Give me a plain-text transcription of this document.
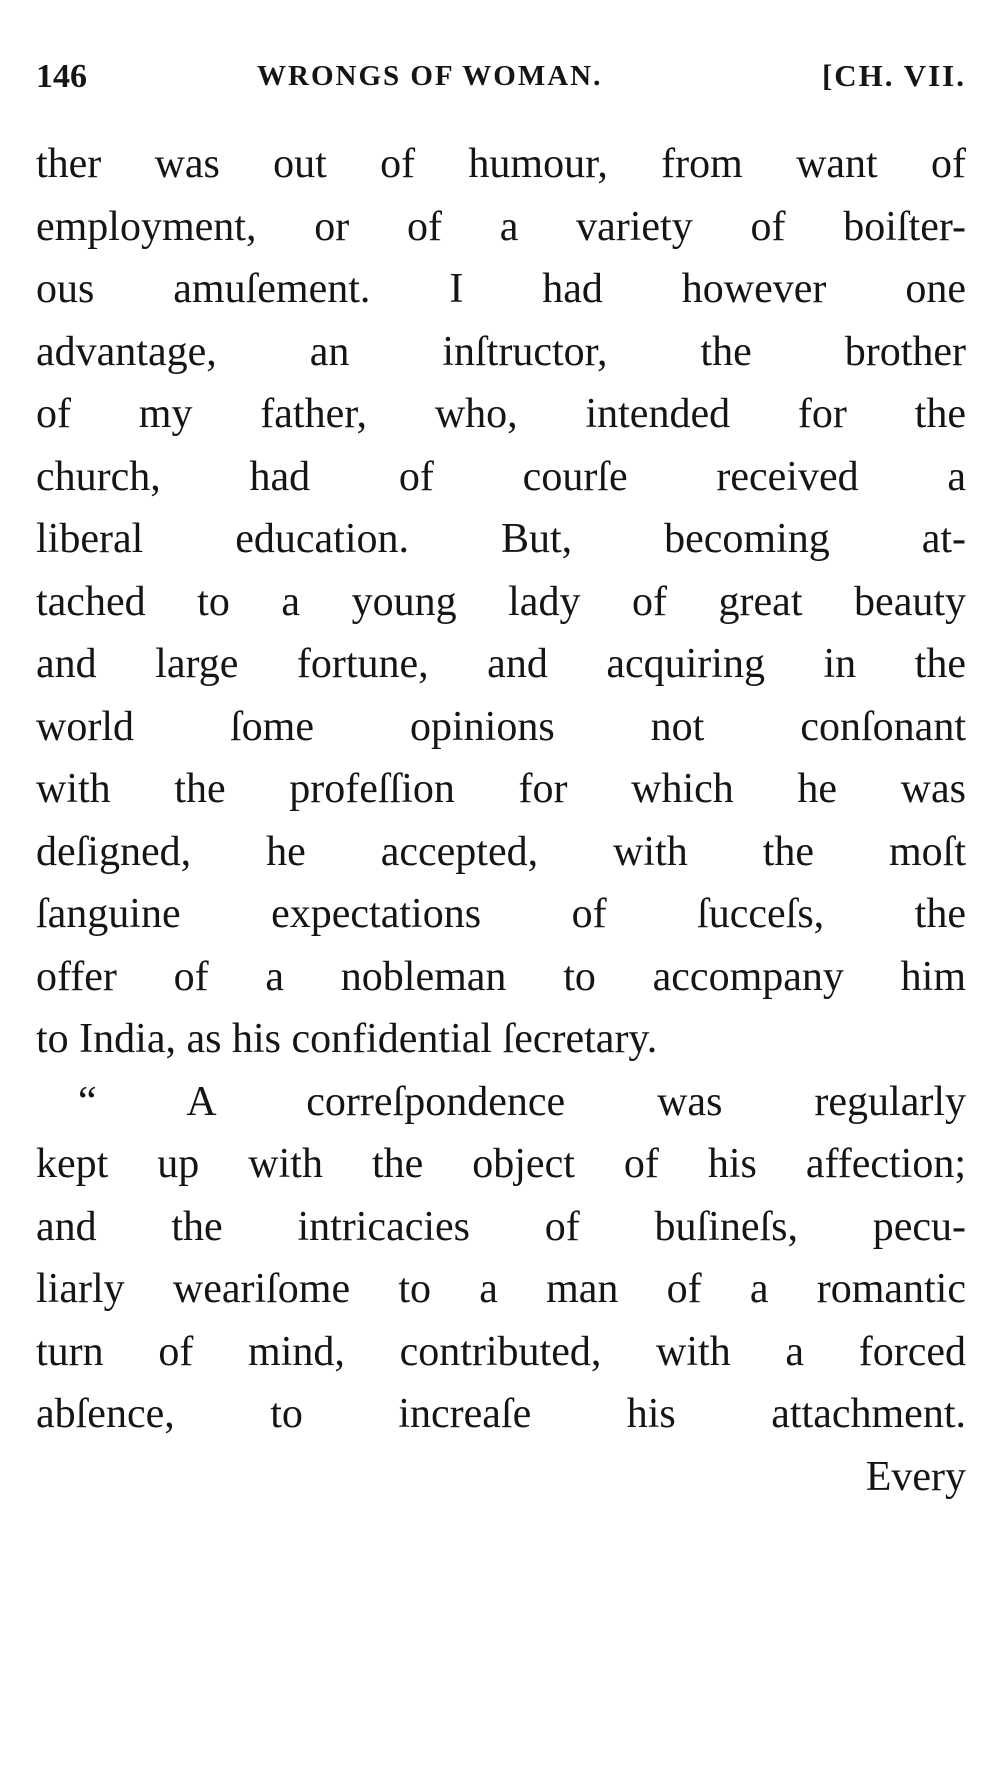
146	WRONGS OF WOMAN.	[CH. VII.
ther was out of humour, from want of
employment, or of a variety of boiſter-
ous amuſement. I had however one
advantage, an inſtructor, the brother
of my father, who, intended for the
church, had of courſe received a
liberal education. But, becoming at-
tached to a young lady of great beauty
and large fortune, and acquiring in the
world ſome opinions not conſonant
with the profeſſion for which he was
deſigned, he accepted, with the moſt
ſanguine expectations of ſucceſs, the
offer of a nobleman to accompany him
to India, as his confidential ſecretary.
“ A correſpondence was regularly
kept up with the object of his affection;
and the intricacies of buſineſs, pecu-
liarly weariſome to a man of a romantic
turn of mind, contributed, with a forced
abſence, to increaſe his attachment.
Every
